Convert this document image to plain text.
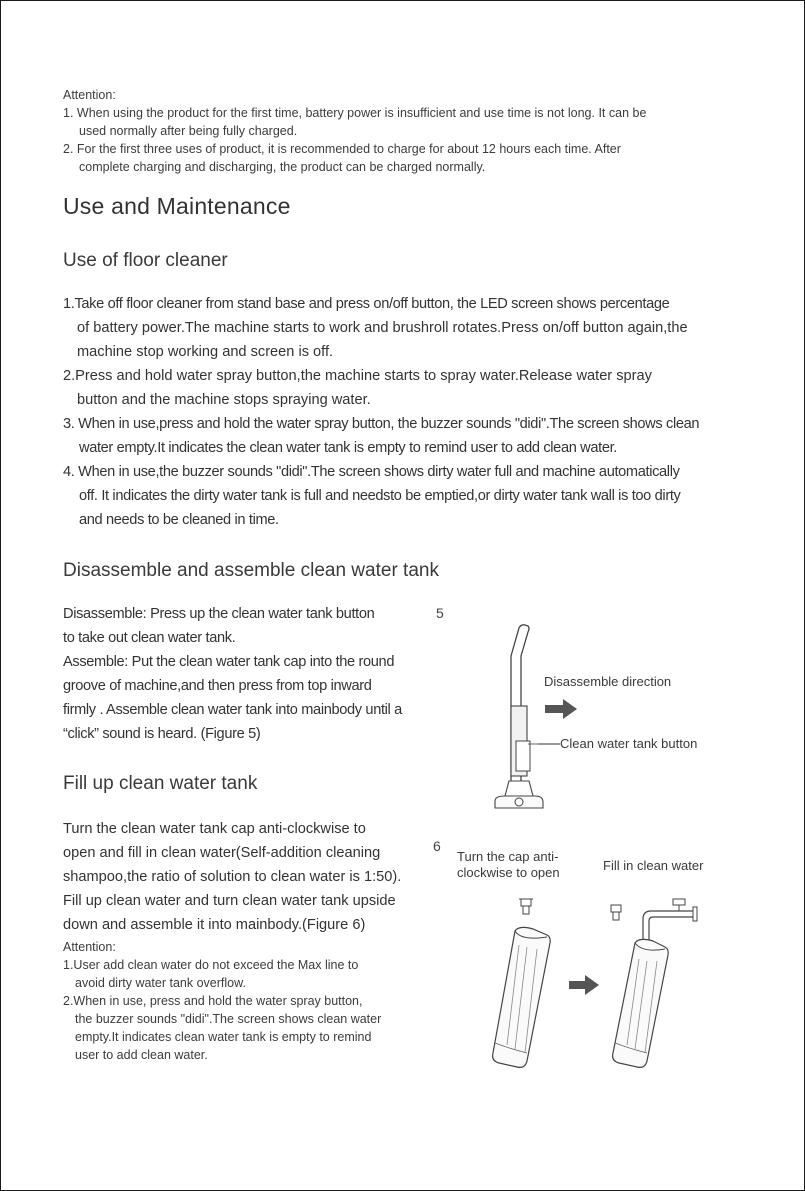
Attention:

1. When using the product for the first time, battery power is insufficient and use time is not long. It can be

used normally after being fully charged.

2. For the first three uses of product, it is recommended to charge for about 12 hours each time. After

complete charging and discharging, the product can be charged normally.

Use and Maintenance
Use of floor cleaner

1.Take off floor cleaner from stand base and press on/off button, the LED screen shows percentage

of battery power.The machine starts to work and brushroll rotates.Press on/off button again,the

machine stop working and screen is off.

2.Press and hold water spray button,the machine starts to spray water.Release water spray

button and the machine stops spraying water.

3. When in use,press and hold the water spray button, the buzzer sounds "didi".The screen shows clean

water empty.It indicates the clean water tank is empty to remind user to add clean water.

4. When in use,the buzzer sounds "didi".The screen shows dirty water full and machine automatically

off. It indicates the dirty water tank is full and needsto be emptied,or dirty water tank wall is too dirty

and needs to be cleaned in time.

Disassemble and assemble clean water tank

Disassemble: Press up the clean water tank button

to take out clean water tank.

Assemble: Put the clean water tank cap into the round

groove of machine,and then press from top inward

firmly . Assemble clean water tank into mainbody until a

“click” sound is heard. (Figure 5)

5
Disassemble direction
Clean water tank button
Fill up clean water tank

Turn the clean water tank cap anti-clockwise to

open and fill in clean water(Self-addition cleaning

shampoo,the ratio of solution to clean water is 1:50).

Fill up clean water and turn clean water tank upside

down and assemble it into mainbody.(Figure 6)

Attention:

1.User add clean water do not exceed the Max line to

avoid dirty water tank overflow.

2.When in use, press and hold the water spray button,

the buzzer sounds "didi".The screen shows clean water

empty.It indicates clean water tank is empty to remind

user to add clean water.

6

Turn the cap anti-

clockwise to open	Fill in clean water
